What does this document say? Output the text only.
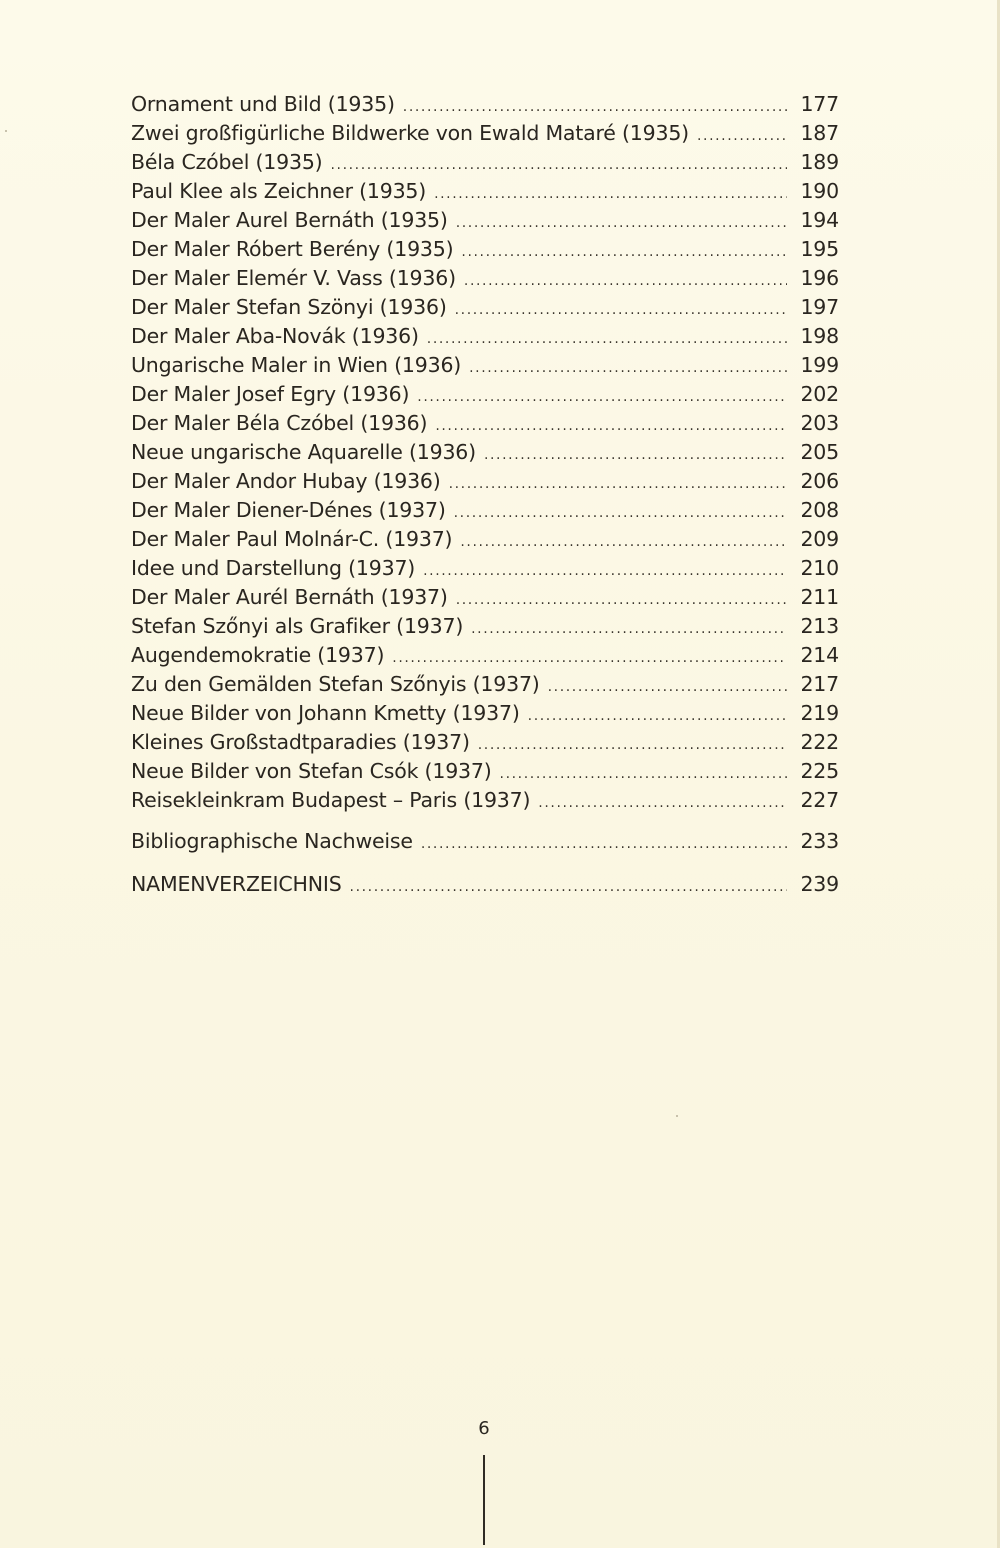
Ornament und Bild (1935) .....	177
Zwei großfigürliche Bildwerke von Ewald Mataré (1935) .....	187
Béla Czóbel (1935) .....	189
Paul Klee als Zeichner (1935) .....	190
Der Maler Aurel Bernáth (1935) .....	194
Der Maler Róbert Berény (1935) .....	195
Der Maler Elemér V. Vass (1936) .....	196
Der Maler Stefan Szönyi (1936) .....	197
Der Maler Aba-Novák (1936) .....	198
Ungarische Maler in Wien (1936) .....	199
Der Maler Josef Egry (1936) .....	202
Der Maler Béla Czóbel (1936) .....	203
Neue ungarische Aquarelle (1936) .....	205
Der Maler Andor Hubay (1936) .....	206
Der Maler Diener-Dénes (1937) .....	208
Der Maler Paul Molnár-C. (1937) .....	209
Idee und Darstellung (1937) .....	210
Der Maler Aurél Bernáth (1937) .....	211
Stefan Szőnyi als Grafiker (1937) .....	213
Augendemokratie (1937) .....	214
Zu den Gemälden Stefan Szőnyis (1937) .....	217
Neue Bilder von Johann Kmetty (1937) .....	219
Kleines Großstadtparadies (1937) .....	222
Neue Bilder von Stefan Csók (1937) .....	225
Reisekleinkram Budapest – Paris (1937) .....	227
Bibliographische Nachweise .....	233
NAMENVERZEICHNIS .....	239
6
